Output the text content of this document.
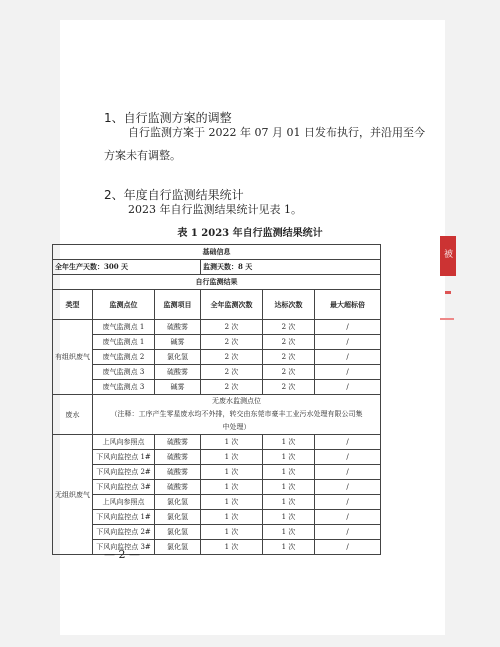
1、自行监测方案的调整
自行监测方案于 2022 年 07 月 01 日发布执行，并沿用至今
方案未有调整。
2、年度自行监测结果统计
2023 年自行监测结果统计见表 1。
表 1 2023 年自行监测结果统计
基础信息					
全年生产天数：300 天			监测天数：8 天		
自行监测结果					
类型	监测点位	监测项目	全年监测次数	达标次数	最大超标倍
有组织废气	废气监测点 1	硫酸雾	2 次	2 次	/
	废气监测点 1	碱雾	2 次	2 次	/
	废气监测点 2	氯化氢	2 次	2 次	/
	废气监测点 3	硫酸雾	2 次	2 次	/
	废气监测点 3	碱雾	2 次	2 次	/
废水	无废水监测点位
（注释：工序产生零星废水均不外排，转交由东莞市豪丰工业污水处理有限公司集
中处理）				

无组织废气	上风向参照点	硫酸雾	1 次	1 次	/
	下风向监控点 1#	硫酸雾	1 次	1 次	/
	下风向监控点 2#	硫酸雾	1 次	1 次	/
	下风向监控点 3#	硫酸雾	1 次	1 次	/
	上风向参照点	氯化氢	1 次	1 次	/
	下风向监控点 1#	氯化氢	1 次	1 次	/
	下风向监控点 2#	氯化氢	1 次	1 次	/
	下风向监控点 3#	氯化氢	1 次	1 次	/
— 2 —
被
